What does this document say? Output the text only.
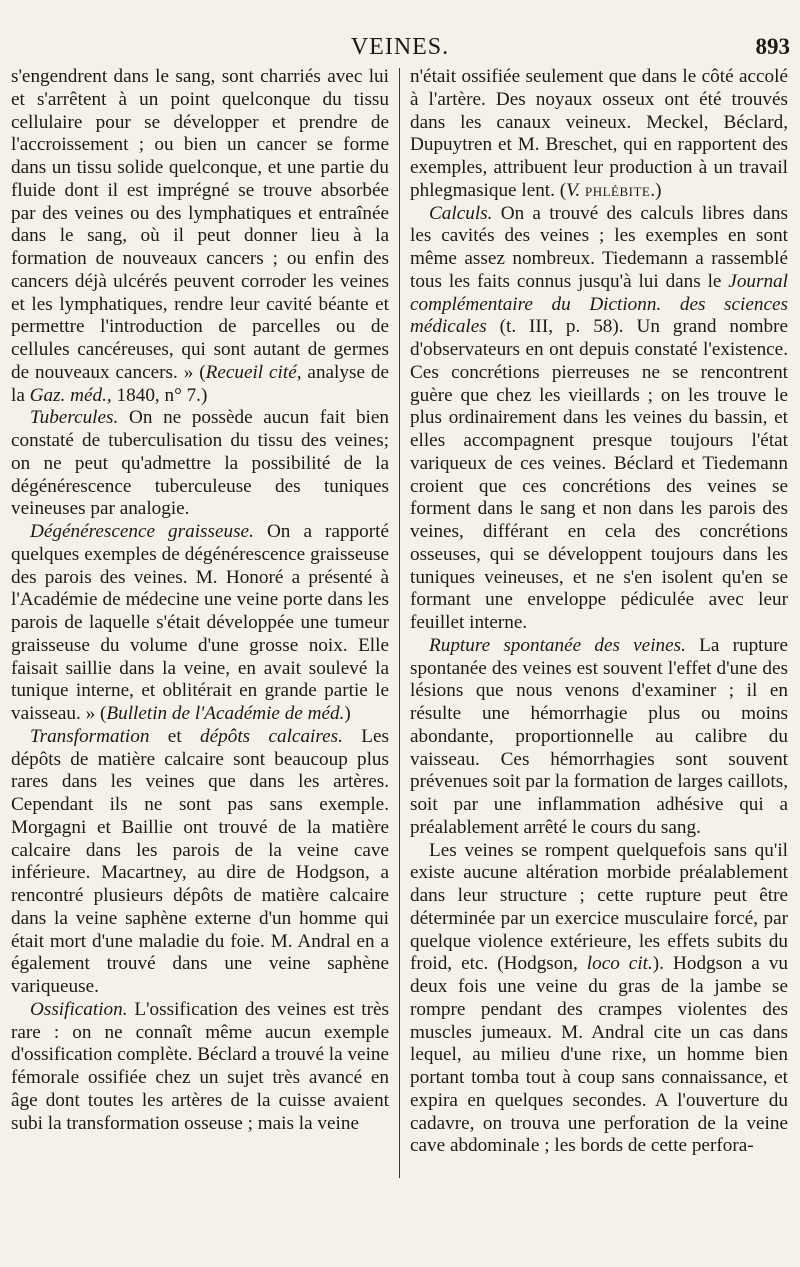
VEINES.	893

s'engendrent dans le sang, sont charriés avec lui et s'arrêtent à un point quelconque du tissu cellulaire pour se développer et prendre de l'accroissement ; ou bien un cancer se forme dans un tissu solide quelconque, et une partie du fluide dont il est imprégné se trouve absorbée par des veines ou des lymphatiques et entraînée dans le sang, où il peut donner lieu à la formation de nouveaux cancers ; ou enfin des cancers déjà ulcérés peuvent corroder les veines et les lymphatiques, rendre leur cavité béante et permettre l'introduction de parcelles ou de cellules cancéreuses, qui sont autant de germes de nouveaux cancers. » (Recueil cité, analyse de la Gaz. méd., 1840, n° 7.)

Tubercules. On ne possède aucun fait bien constaté de tuberculisation du tissu des veines; on ne peut qu'admettre la possibilité de la dégénérescence tuberculeuse des tuniques veineuses par analogie.

Dégénérescence graisseuse. On a rapporté quelques exemples de dégénérescence graisseuse des parois des veines. M. Honoré a présenté à l'Académie de médecine une veine porte dans les parois de laquelle s'était développée une tumeur graisseuse du volume d'une grosse noix. Elle faisait saillie dans la veine, en avait soulevé la tunique interne, et oblitérait en grande partie le vaisseau. » (Bulletin de l'Académie de méd.)

Transformation et dépôts calcaires. Les dépôts de matière calcaire sont beaucoup plus rares dans les veines que dans les artères. Cependant ils ne sont pas sans exemple. Morgagni et Baillie ont trouvé de la matière calcaire dans les parois de la veine cave inférieure. Macartney, au dire de Hodgson, a rencontré plusieurs dépôts de matière calcaire dans la veine saphène externe d'un homme qui était mort d'une maladie du foie. M. Andral en a également trouvé dans une veine saphène variqueuse.

Ossification. L'ossification des veines est très rare : on ne connaît même aucun exemple d'ossification complète. Béclard a trouvé la veine fémorale ossifiée chez un sujet très avancé en âge dont toutes les artères de la cuisse avaient subi la transformation osseuse ; mais la veine

n'était ossifiée seulement que dans le côté accolé à l'artère. Des noyaux osseux ont été trouvés dans les canaux veineux. Meckel, Béclard, Dupuytren et M. Breschet, qui en rapportent des exemples, attribuent leur production à un travail phlegmasique lent. (V. phlébite.)

Calculs. On a trouvé des calculs libres dans les cavités des veines ; les exemples en sont même assez nombreux. Tiedemann a rassemblé tous les faits connus jusqu'à lui dans le Journal complémentaire du Dictionn. des sciences médicales (t. III, p. 58). Un grand nombre d'observateurs en ont depuis constaté l'existence. Ces concrétions pierreuses ne se rencontrent guère que chez les vieillards ; on les trouve le plus ordinairement dans les veines du bassin, et elles accompagnent presque toujours l'état variqueux de ces veines. Béclard et Tiedemann croient que ces concrétions des veines se forment dans le sang et non dans les parois des veines, différant en cela des concrétions osseuses, qui se développent toujours dans les tuniques veineuses, et ne s'en isolent qu'en se formant une enveloppe pédiculée avec leur feuillet interne.

Rupture spontanée des veines. La rupture spontanée des veines est souvent l'effet d'une des lésions que nous venons d'examiner ; il en résulte une hémorrhagie plus ou moins abondante, proportionnelle au calibre du vaisseau. Ces hémorrhagies sont souvent prévenues soit par la formation de larges caillots, soit par une inflammation adhésive qui a préalablement arrêté le cours du sang.

Les veines se rompent quelquefois sans qu'il existe aucune altération morbide préalablement dans leur structure ; cette rupture peut être déterminée par un exercice musculaire forcé, par quelque violence extérieure, les effets subits du froid, etc. (Hodgson, loco cit.). Hodgson a vu deux fois une veine du gras de la jambe se rompre pendant des crampes violentes des muscles jumeaux. M. Andral cite un cas dans lequel, au milieu d'une rixe, un homme bien portant tomba tout à coup sans connaissance, et expira en quelques secondes. A l'ouverture du cadavre, on trouva une perforation de la veine cave abdominale ; les bords de cette perfora-
